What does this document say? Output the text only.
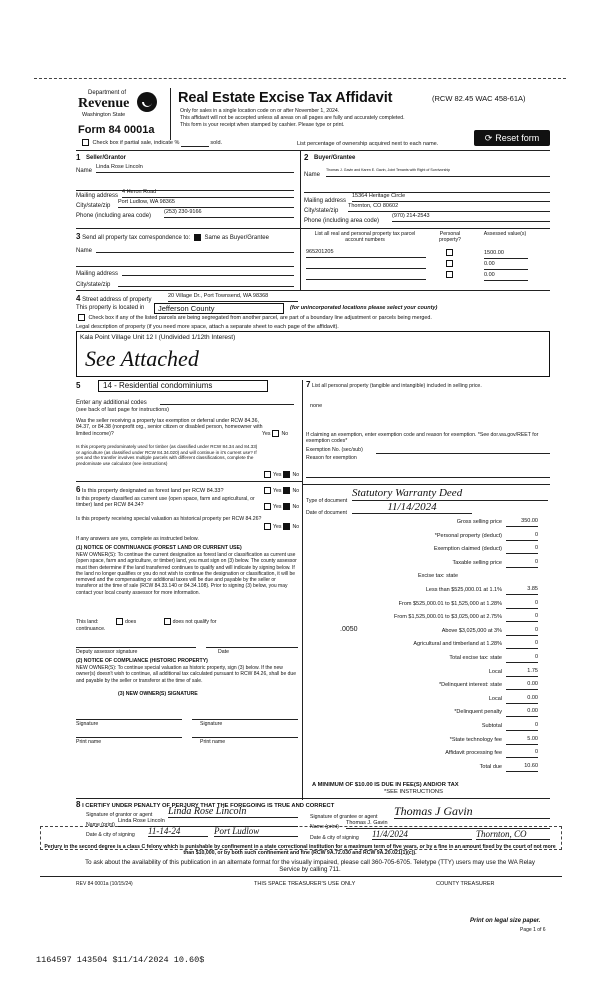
Department of
Revenue
Washington State
Form 84 0001a
Real Estate Excise Tax Affidavit	(RCW 82.45 WAC 458-61A)
Only for sales in a single location code on or after November 1, 2024.
This affidavit will not be accepted unless all areas on all pages are fully and accurately completed.
This form is your receipt when stamped by cashier. Please type or print.
Check box if partial sale, indicate %	sold.	List percentage of ownership acquired next to each name.
⟳ Reset form
1 Seller/Grantor
Name
Linda Rose Lincoln
Mailing address
4 Heron Road
City/state/zip
Port Ludlow, WA 98365
Phone (including area code)
(253) 230-9166
2 Buyer/Grantee
Name
Thomas J. Gavin and Karen E. Gavin, Joint Tenants with Right of Survivorship
Mailing address
15364 Heritage Circle
City/state/zip
Thornton, CO 80602
Phone (including area code)
(970) 214-2543
3 Send all property tax correspondence to: Same as Buyer/Grantee
Name
Mailing address
City/state/zip
List all real and personal property tax parcel account numbers
Personal property?
Assessed value(s)
965201205	1500.00
0.00
0.00
4 Street address of property
20 Village Dr., Port Townsend, WA 98368
This property is located in	Jefferson County	(for unincorporated locations please select your county)
Check box if any of the listed parcels are being segregated from another parcel, are part of a boundary line adjustment or parcels being merged.
Legal description of property (if you need more space, attach a separate sheet to each page of the affidavit).
Kala Point Village Unit 12 I (Undivided 1/12th Interest)
See Attached
5	14 - Residential condominiums
Enter any additional codes
(see back of last page for instructions)
Was the seller receiving a property tax exemption or deferral under RCW 84.36, 84.37, or 84.38 (nonprofit org., senior citizen or disabled person, homeowner with limited income)?	Yes No
Is this property predominately used for timber (as classified under RCW 84.34 and 84.33) or agriculture (as classified under RCW 84.34.020) and will continue in it's current use? If yes and the transfer involves multiple parcels with different classifications, complete the predominate use calculator (see instructions)
Yes No
6 Is this property designated as forest land per RCW 84.33?	Yes No
Is this property classified as current use (open space, farm and agricultural, or timber) land per RCW 84.34?	Yes No
Is this property receiving special valuation as historical property per RCW 84.26?
Yes No
If any answers are yes, complete as instructed below.
(1) NOTICE OF CONTINUANCE (FOREST LAND OR CURRENT USE)
NEW OWNER(S): To continue the current designation as forest land or classification as current use (open space, farm and agriculture, or timber) land, you must sign on (3) below. The county assessor must then determine if the land transferred continues to qualify and will indicate by signing below. If the land no longer qualifies or you do not wish to continue the designation or classification, it will be removed and the compensating or additional taxes will be due and payable by the seller or transferor at the time of sale (RCW 84.33.140 or 84.34.108). Prior to signing (3) below, you may contact your local county assessor for more information.
This land:	does	does not qualify for
continuance.
Deputy assessor signature	Date
(2) NOTICE OF COMPLIANCE (HISTORIC PROPERTY)
NEW OWNER(S): To continue special valuation as historic property, sign (3) below. If the new owner(s) doesn't wish to continue, all additional tax calculated pursuant to RCW 84.26, shall be due and payable by the seller or transferor at the time of sale.
(3) NEW OWNER(S) SIGNATURE
Signature	Signature
Print name	Print name
7 List all personal property (tangible and intangible) included in selling price.
none
If claiming an exemption, enter exemption code and reason for exemption. *See dor.wa.gov/REET for exemption codes*
Exemption No. (sec/sub)
Reason for exemption
Type of document
Statutory Warranty Deed
Date of document	11/14/2024
Gross selling price	350.00
*Personal property (deduct)	0
Exemption claimed (deduct)	0
Taxable selling price	0
Excise tax: state
Less than $525,000.01 at 1.1%	3.85
From $525,000.01 to $1,525,000 at 1.28%	0
From $1,525,000.01 to $3,025,000 at 2.75%	0
Above $3,025,000 at 3%	0
Agricultural and timberland at 1.28%	0
Total excise tax: state	0
Local	1.75
*Delinquent interest: state	0.00
Local	0.00
*Delinquent penalty	0.00
Subtotal	0
*State technology fee	5.00
Affidavit processing fee	0
Total due	10.60
.0050
A MINIMUM OF $10.00 IS DUE IN FEE(S) AND/OR TAX
*SEE INSTRUCTIONS
8 I CERTIFY UNDER PENALTY OF PERJURY THAT THE FOREGOING IS TRUE AND CORRECT
Signature of grantor or agent Linda Rose Lincoln
Name (print)
Linda Rose Lincoln
Date & city of signing 11-14-24	Port Ludlow
Signature of grantee or agent Thomas J Gavin
Name (print)
Thomas J. Gavin
Date & city of signing 11/4/2024	Thornton, CO
Perjury in the second degree is a class C felony which is punishable by confinement in a state correctional institution for a maximum term of five years, or by a fine in an amount fixed by the court of not more than $10,000, or by both such confinement and fine (RCW 9A.72.030 and RCW 9A.20.021(1)(c)).
To ask about the availability of this publication in an alternate format for the visually impaired, please call 360-705-6705. Teletype (TTY) users may use the WA Relay Service by calling 711.
REV 84 0001a (10/15/24)	THIS SPACE TREASURER'S USE ONLY	COUNTY TREASURER
Print on legal size paper.
Page 1 of 6
1164597 143504 $11/14/2024 10.60$
